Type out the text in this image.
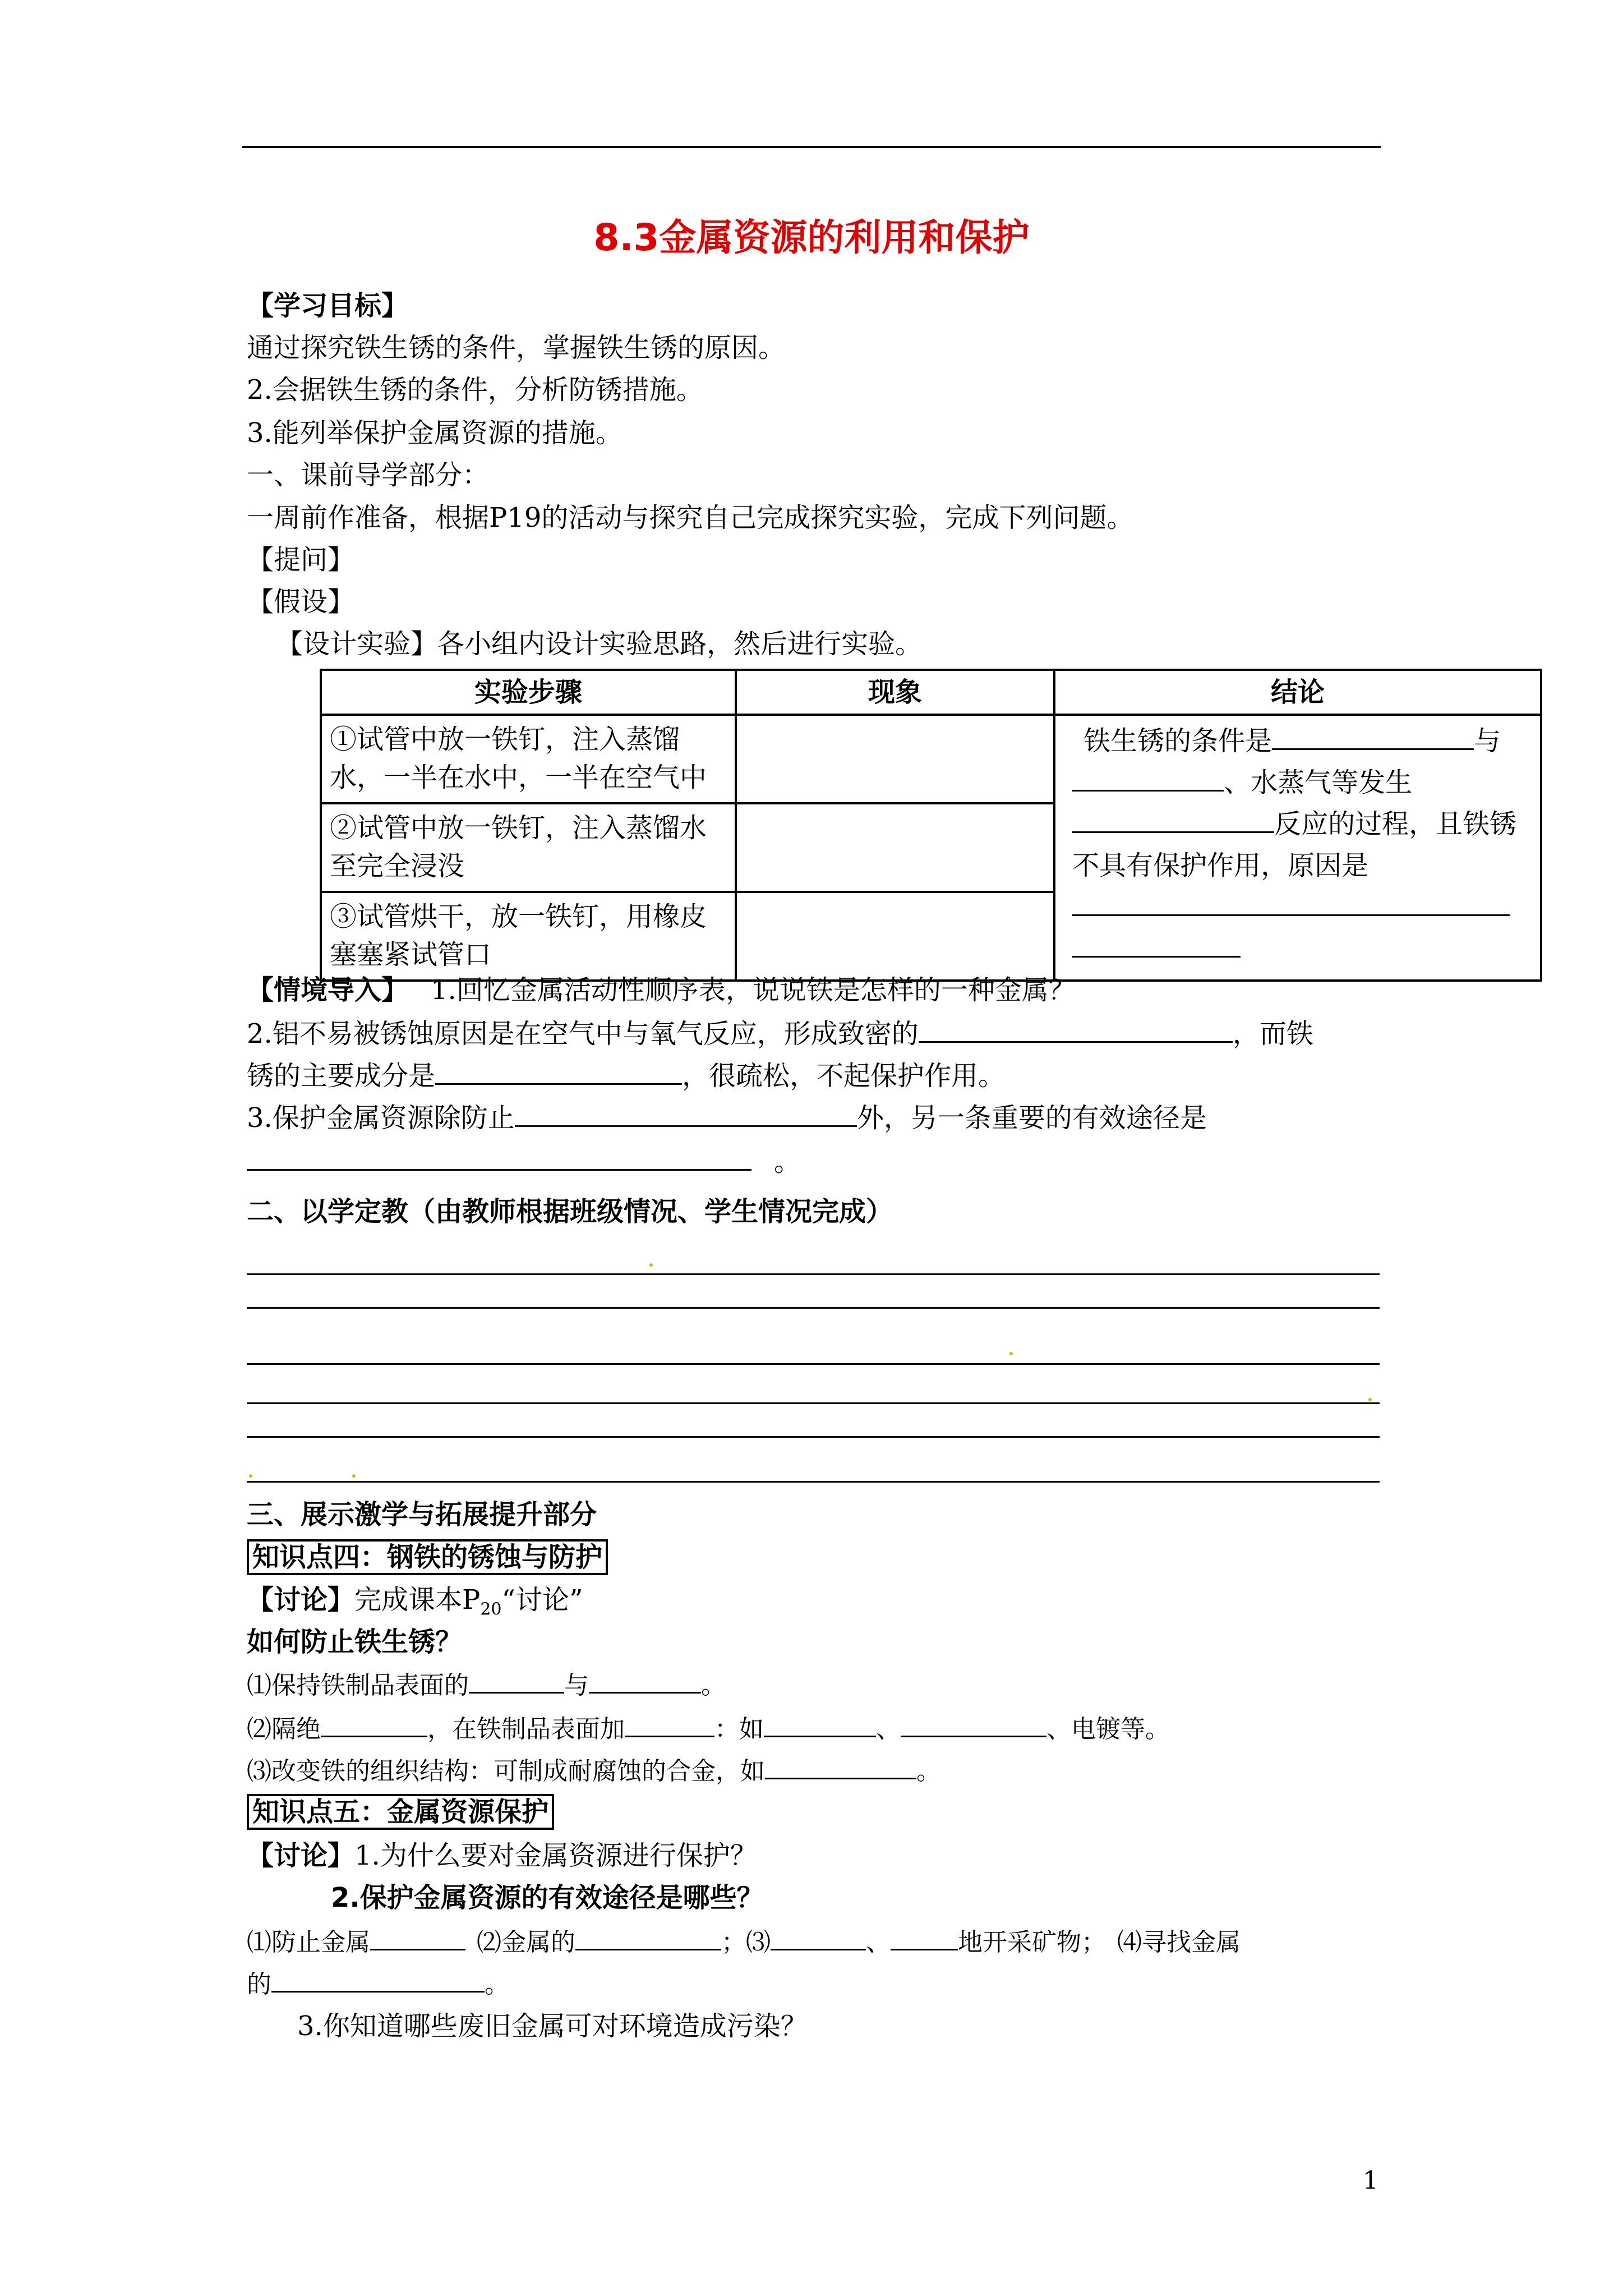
8.3金属资源的利用和保护
【学习目标】
通过探究铁生锈的条件，掌握铁生锈的原因。
2.会据铁生锈的条件，分析防锈措施。
3.能列举保护金属资源的措施。
一、课前导学部分：
一周前作准备，根据P19的活动与探究自己完成探究实验，完成下列问题。
【提问】
【假设】
【设计实验】各小组内设计实验思路，然后进行实验。
实验步骤	现象	结论
①试管中放一铁钉，注入蒸馏水，一半在水中，一半在空气中		铁生锈的条件是 与
、水蒸气等发生
反应的过程，且铁锈不具有保护作用，原因是

②试管中放一铁钉，注入蒸馏水至完全浸没		
③试管烘干，放一铁钉，用橡皮塞塞紧试管口		
【情境导入】 1.回忆金属活动性顺序表，说说铁是怎样的一种金属？
2.铝不易被锈蚀原因是在空气中与氧气反应，形成致密的	，而铁
锈的主要成分是	，很疏松，不起保护作用。
3.保护金属资源除防止	外，另一条重要的有效途径是
。
二、以学定教（由教师根据班级情况、学生情况完成）
三、展示激学与拓展提升部分
知识点四：钢铁的锈蚀与防护
【讨论】完成课本$P_{20}“$讨论”
如何防止铁生锈？
⑴保持铁制品表面的	与	。
⑵隔绝	，在铁制品表面加	：如	、	、电镀等。
⑶改变铁的组织结构：可制成耐腐蚀的合金，如	。
知识点五：金属资源保护
【讨论】1.为什么要对金属资源进行保护？
2.保护金属资源的有效途径是哪些？
⑴防止金属	⑵金属的	；⑶	、	地开采矿物； ⑷寻找金属
的	。
3.你知道哪些废旧金属可对环境造成污染？
1
